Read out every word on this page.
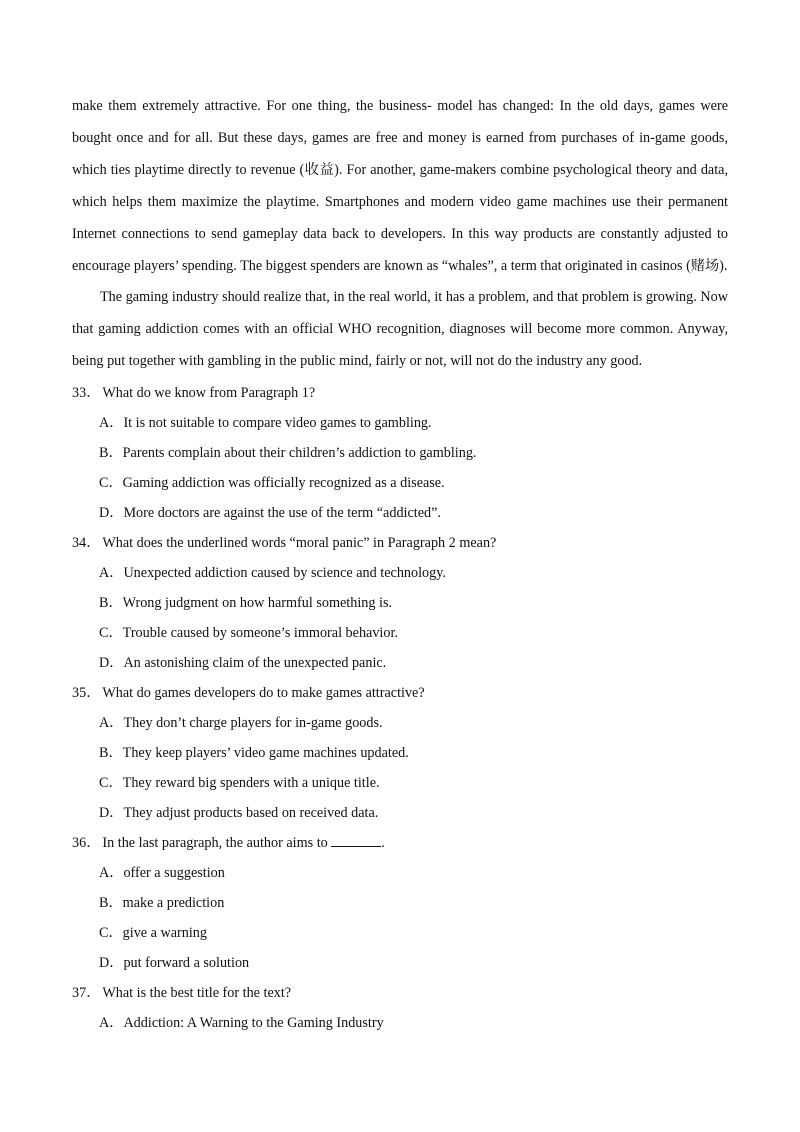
make them extremely attractive. For one thing, the business- model has changed: In the old days, games were
bought once and for all. But these days, games are free and money is earned from purchases of in-game goods,
which ties playtime directly to revenue (收益). For another, game-makers combine psychological theory and data,
which helps them maximize the playtime. Smartphones and modern video game machines use their permanent
Internet connections to send gameplay data back to developers. In this way products are constantly adjusted to
encourage players’ spending. The biggest spenders are known as “whales”, a term that originated in casinos (赌场).
The gaming industry should realize that, in the real world, it has a problem, and that problem is growing. Now
that gaming addiction comes with an official WHO recognition, diagnoses will become more common. Anyway,
being put together with gambling in the public mind, fairly or not, will not do the industry any good.
33． What do we know from Paragraph 1?
A．It is not suitable to compare video games to gambling.
B．Parents complain about their children’s addiction to gambling.
C．Gaming addiction was officially recognized as a disease.
D．More doctors are against the use of the term “addicted”.
34． What does the underlined words “moral panic” in Paragraph 2 mean?
A．Unexpected addiction caused by science and technology.
B．Wrong judgment on how harmful something is.
C．Trouble caused by someone’s immoral behavior.
D．An astonishing claim of the unexpected panic.
35． What do games developers do to make games attractive?
A．They don’t charge players for in-game goods.
B．They keep players’ video game machines updated.
C．They reward big spenders with a unique title.
D．They adjust products based on received data.
36． In the last paragraph, the author aims to	.
A．offer a suggestion
B．make a prediction
C．give a warning
D．put forward a solution
37． What is the best title for the text?
A．Addiction: A Warning to the Gaming Industry
